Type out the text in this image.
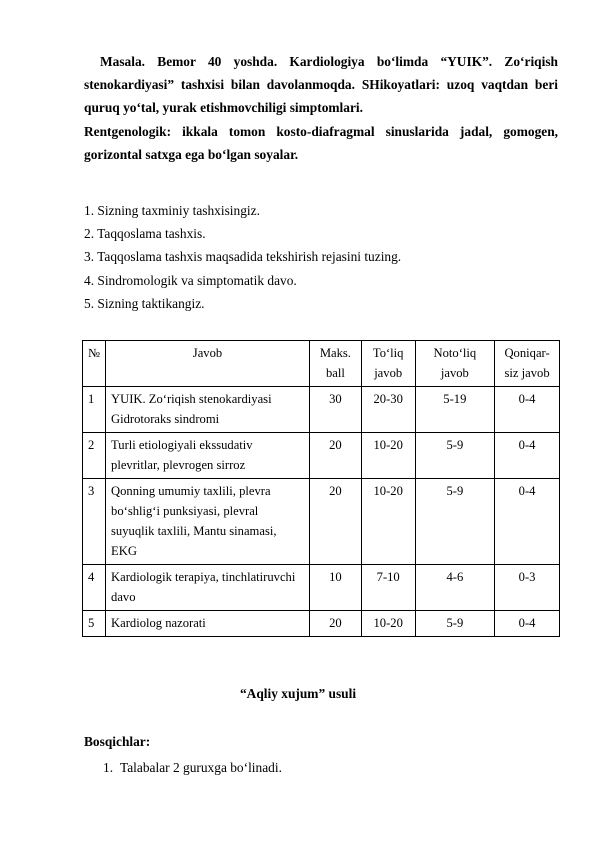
Masala. Bemor 40 yoshda. Kardiologiya bo‘limda “YUIK”. Zo‘riqish stenokardiyasi” tashxisi bilan davolanmoqda. SHikoyatlari: uzoq vaqtdan beri quruq yo‘tal, yurak etishmovchiligi simptomlari.

Rentgenologik: ikkala tomon kosto-diafragmal sinuslarida jadal, gomogen, gorizontal satxga ega bo‘lgan soyalar.

1. Sizning taxminiy tashxisingiz.
2. Taqqoslama tashxis.
3. Taqqoslama tashxis maqsadida tekshirish rejasini tuzing.
4. Sindromologik va simptomatik davo.
5. Sizning taktikangiz.
№	Javob	Maks. ball	To‘liq javob	Noto‘liq javob	Qoniqar-siz javob
1	YUIK. Zo‘riqish stenokardiyasi Gidrotoraks sindromi	30	20-30	5-19	0-4
2	Turli etiologiyali ekssudativ plevritlar, plevrogen sirroz	20	10-20	5-9	0-4
3	Qonning umumiy taxlili, plevra bo‘shlig‘i punksiyasi, plevral suyuqlik taxlili, Mantu sinamasi, EKG	20	10-20	5-9	0-4
4	Kardiologik terapiya, tinchlatiruvchi davo	10	7-10	4-6	0-3
5	Kardiolog nazorati	20	10-20	5-9	0-4

“Aqliy xujum” usuli

Bosqichlar:

1. Talabalar 2 guruxga bo‘linadi.
